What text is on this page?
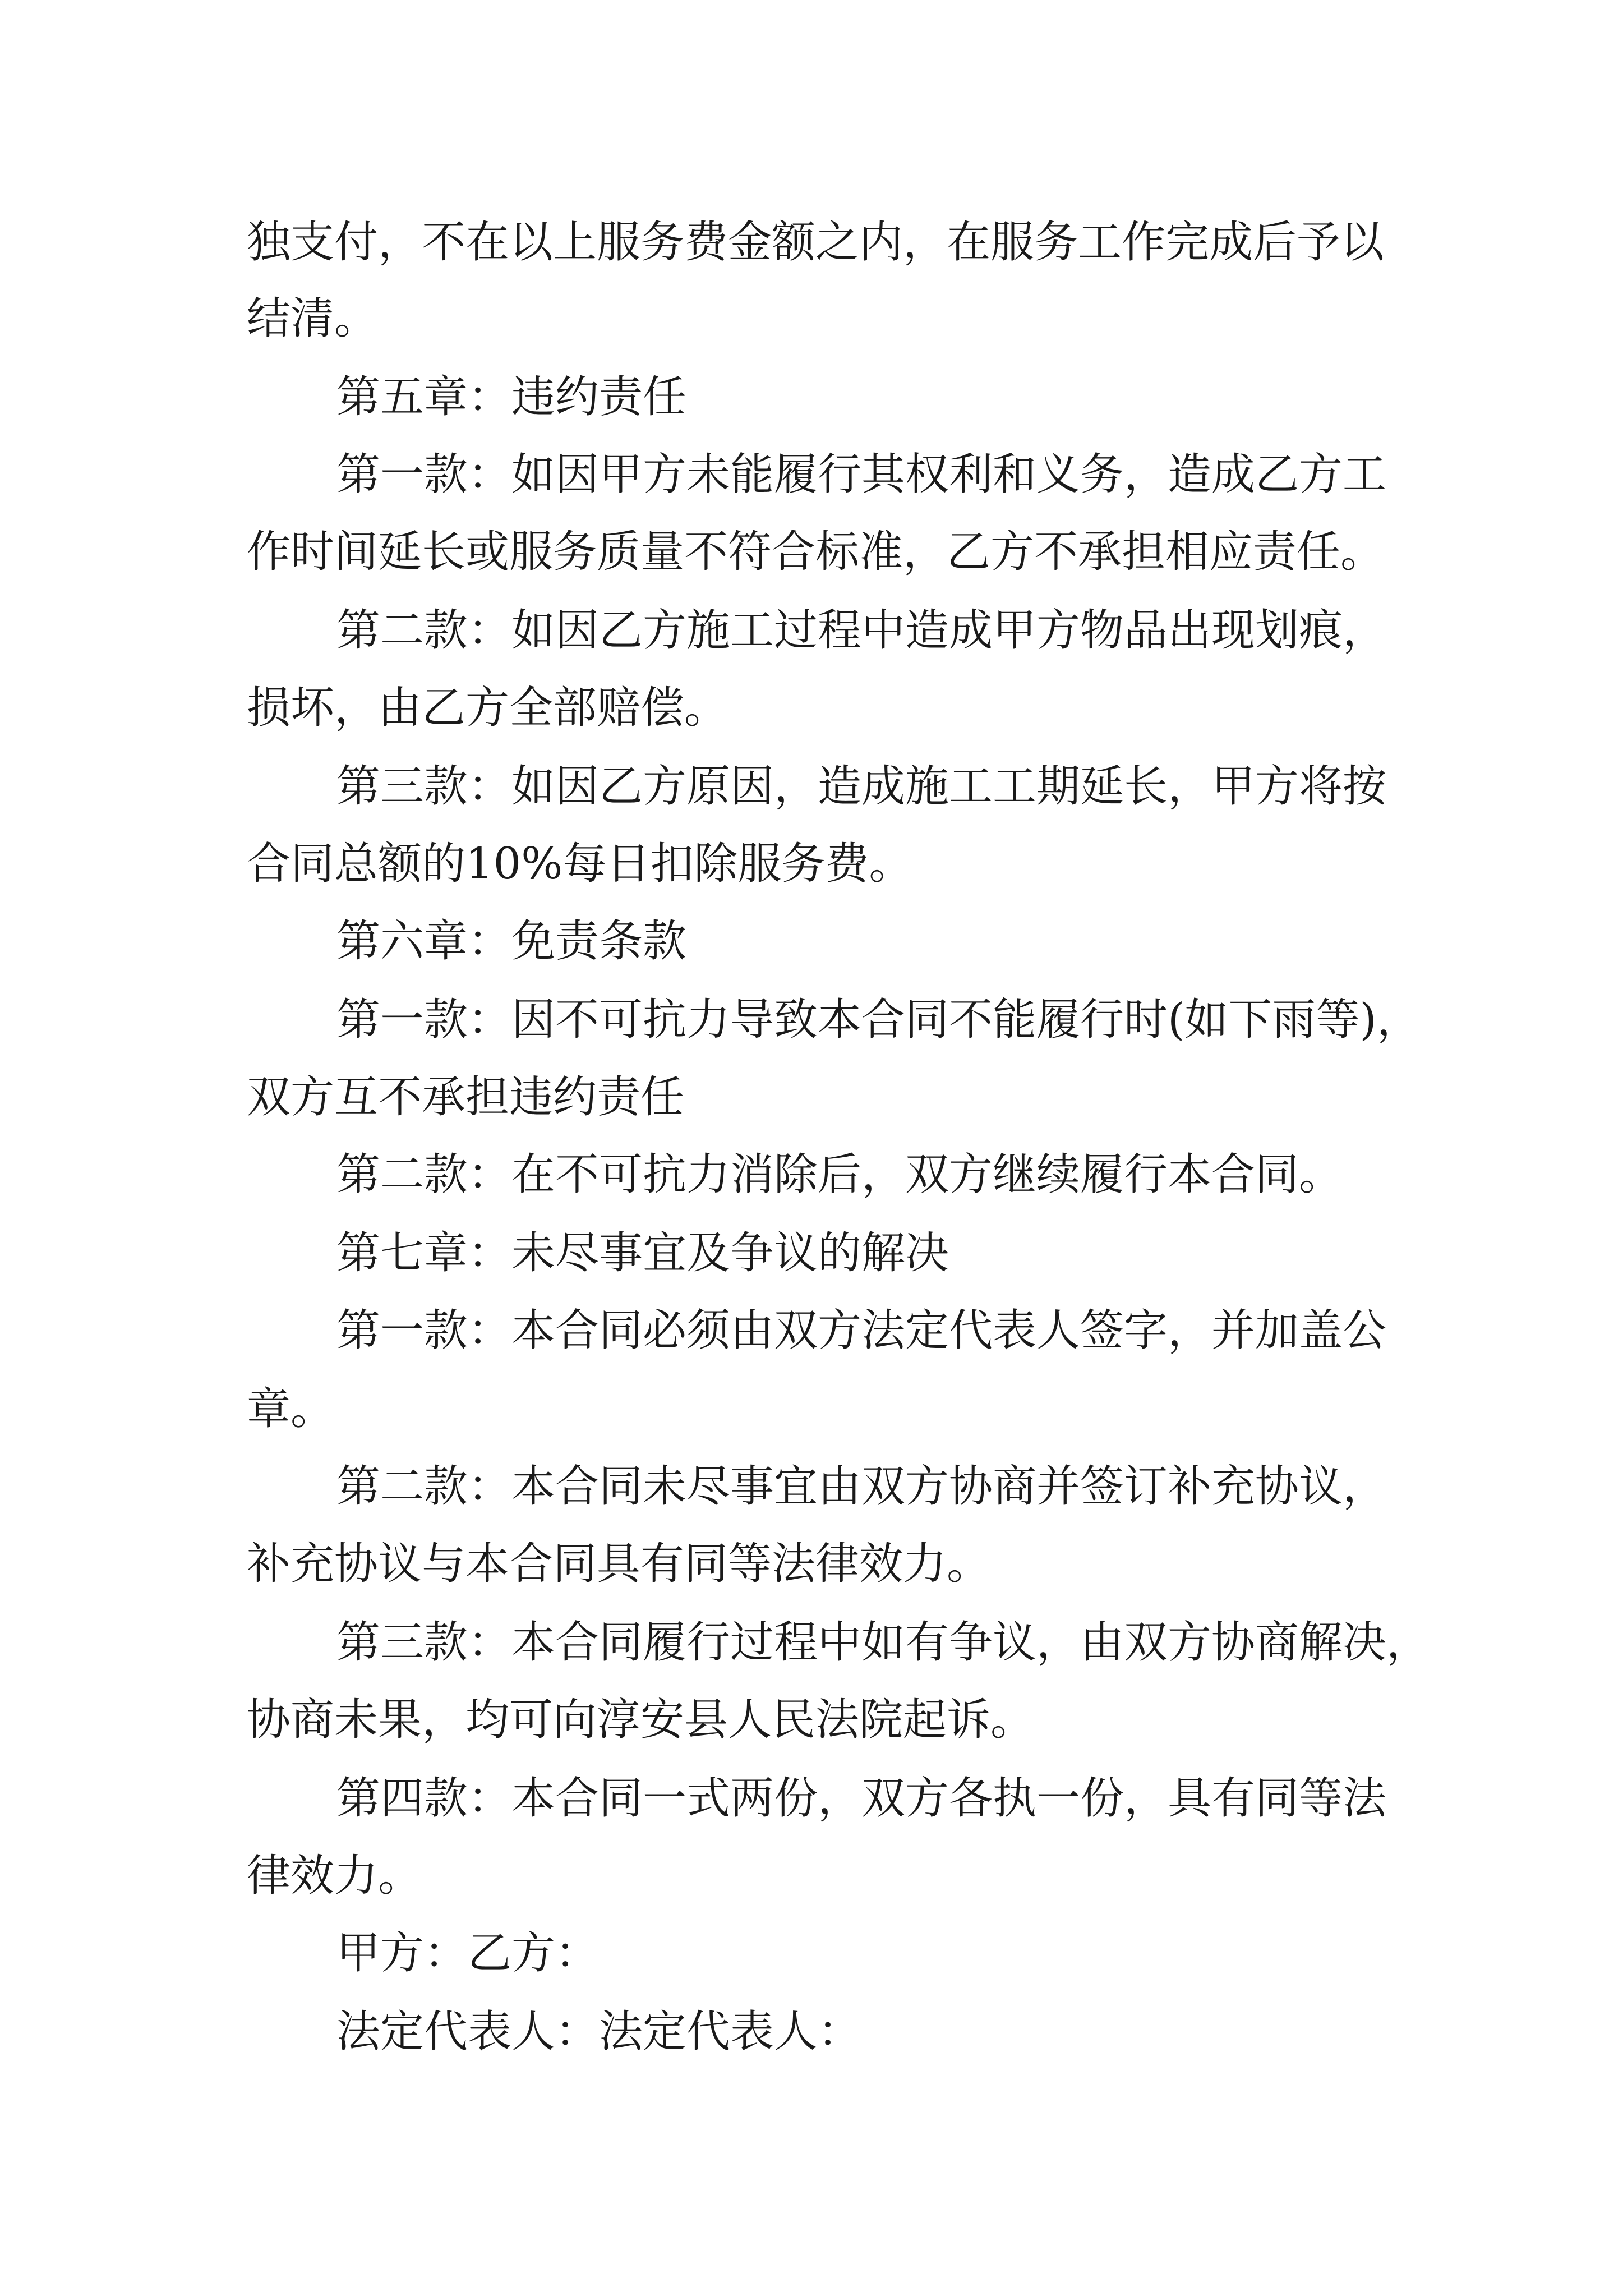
独支付，不在以上服务费金额之内，在服务工作完成后予以
结清。
第五章：违约责任
第一款：如因甲方未能履行其权利和义务，造成乙方工
作时间延长或服务质量不符合标准，乙方不承担相应责任。
第二款：如因乙方施工过程中造成甲方物品出现划痕，
损坏，由乙方全部赔偿。
第三款：如因乙方原因，造成施工工期延长，甲方将按
合同总额的10%每日扣除服务费。
第六章：免责条款
第一款：因不可抗力导致本合同不能履行时(如下雨等)，
双方互不承担违约责任
第二款：在不可抗力消除后，双方继续履行本合同。
第七章：未尽事宜及争议的解决
第一款：本合同必须由双方法定代表人签字，并加盖公
章。
第二款：本合同未尽事宜由双方协商并签订补充协议，
补充协议与本合同具有同等法律效力。
第三款：本合同履行过程中如有争议，由双方协商解决，
协商未果，均可向淳安县人民法院起诉。
第四款：本合同一式两份，双方各执一份，具有同等法
律效力。
甲方：乙方：
法定代表人：法定代表人：
